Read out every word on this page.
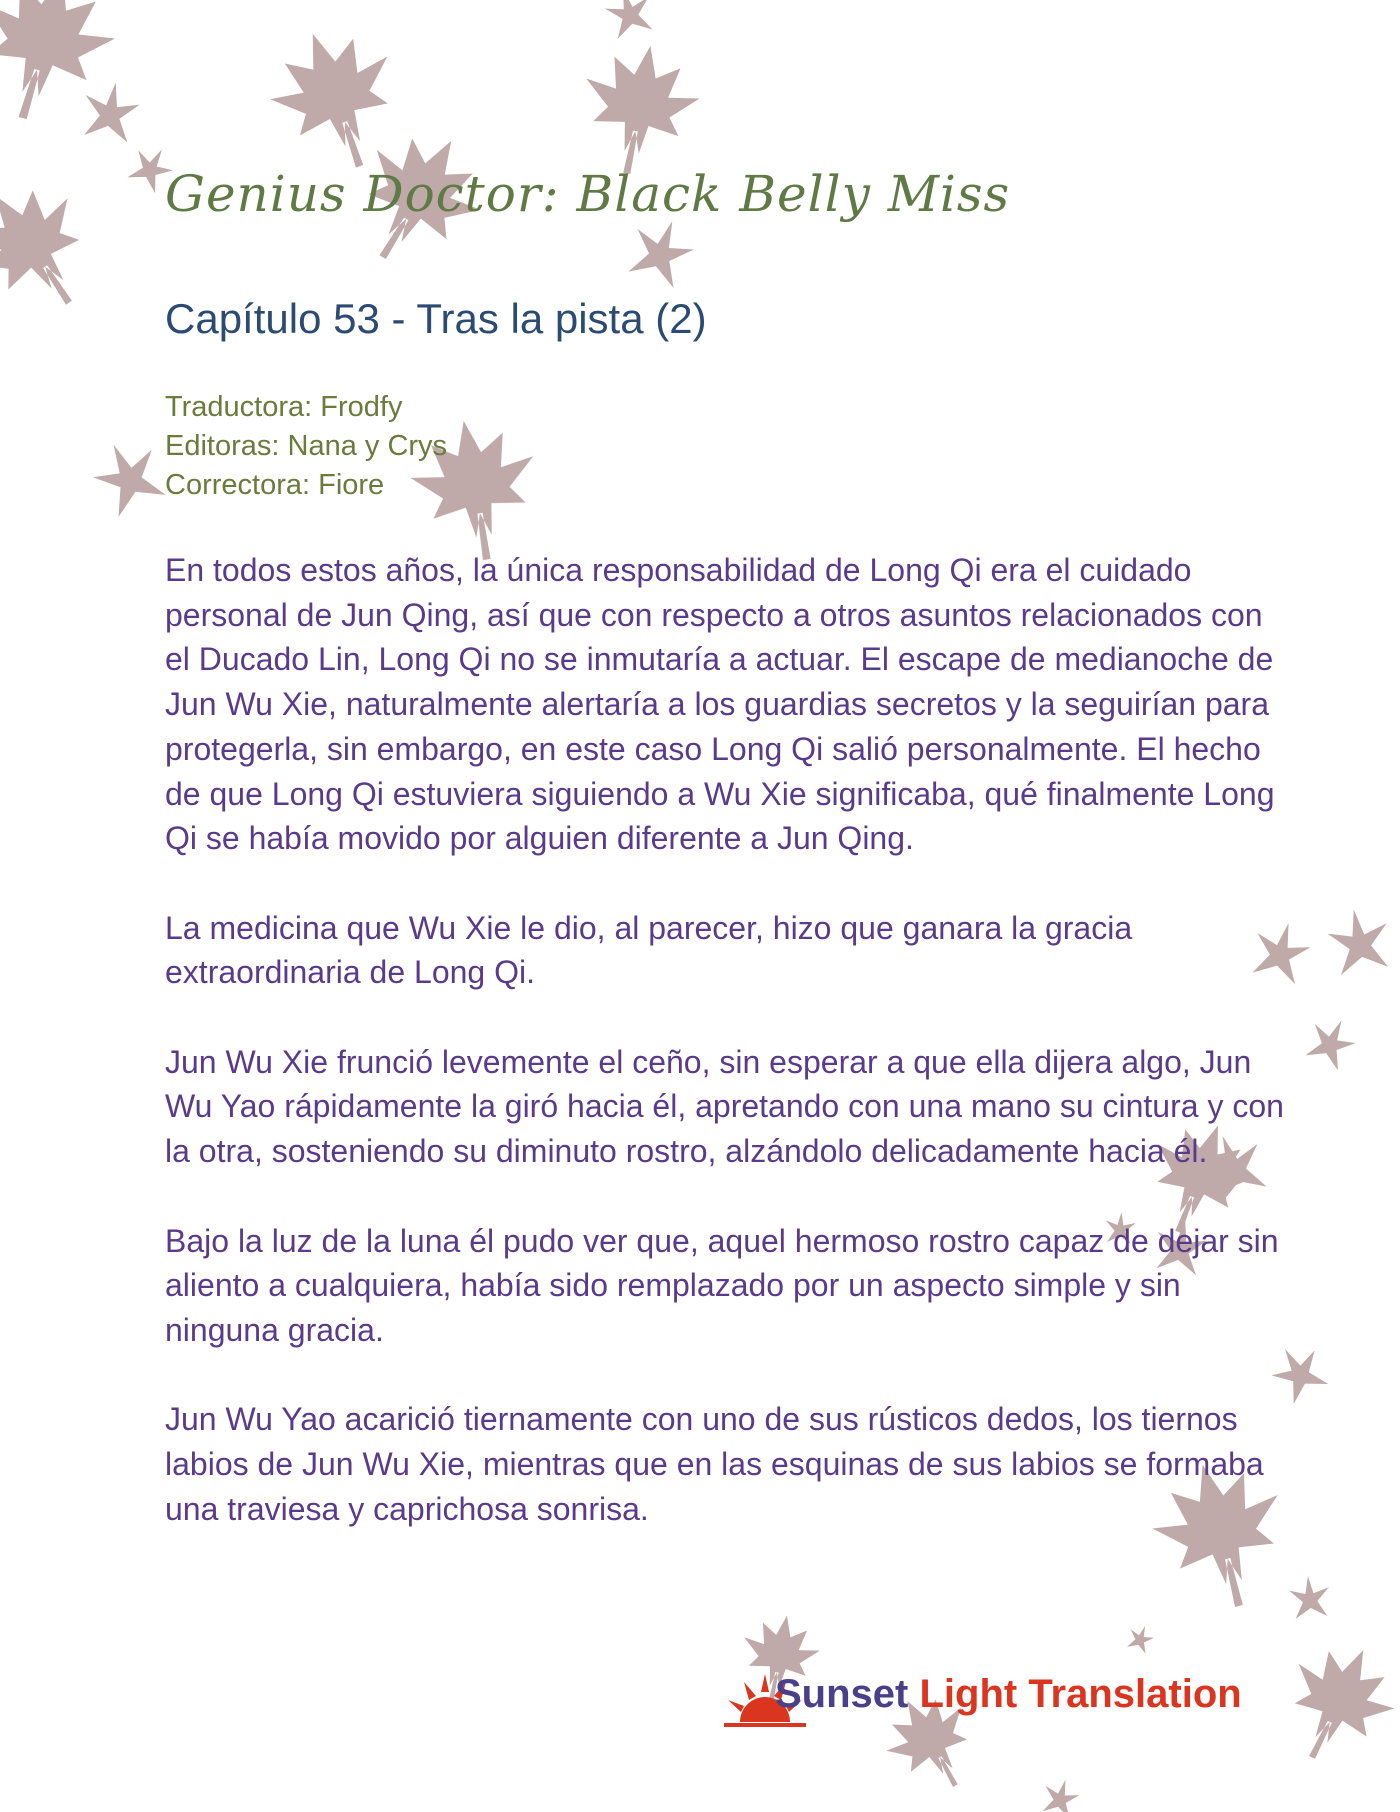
Genius Doctor: Black Belly Miss
Capítulo 53 - Tras la pista (2)
Traductora: Frodfy
Editoras: Nana y Crys
Correctora: Fiore

En todos estos años, la única responsabilidad de Long Qi era el cuidado personal de Jun Qing, así que con respecto a otros asuntos relacionados con el Ducado Lin, Long Qi no se inmutaría a actuar. El escape de medianoche de Jun Wu Xie, naturalmente alertaría a los guardias secretos y la seguirían para protegerla, sin embargo, en este caso Long Qi salió personalmente. El hecho de que Long Qi estuviera siguiendo a Wu Xie significaba, qué finalmente Long Qi se había movido por alguien diferente a Jun Qing.

La medicina que Wu Xie le dio, al parecer, hizo que ganara la gracia extraordinaria de Long Qi.

Jun Wu Xie frunció levemente el ceño, sin esperar a que ella dijera algo, Jun Wu Yao rápidamente la giró hacia él, apretando con una mano su cintura y con la otra, sosteniendo su diminuto rostro, alzándolo delicadamente hacia él.

Bajo la luz de la luna él pudo ver que, aquel hermoso rostro capaz de dejar sin aliento a cualquiera, había sido remplazado por un aspecto simple y sin ninguna gracia.

Jun Wu Yao acarició tiernamente con uno de sus rústicos dedos, los tiernos labios de Jun Wu Xie, mientras que en las esquinas de sus labios se formaba una traviesa y caprichosa sonrisa.

Sunset Light Translation
